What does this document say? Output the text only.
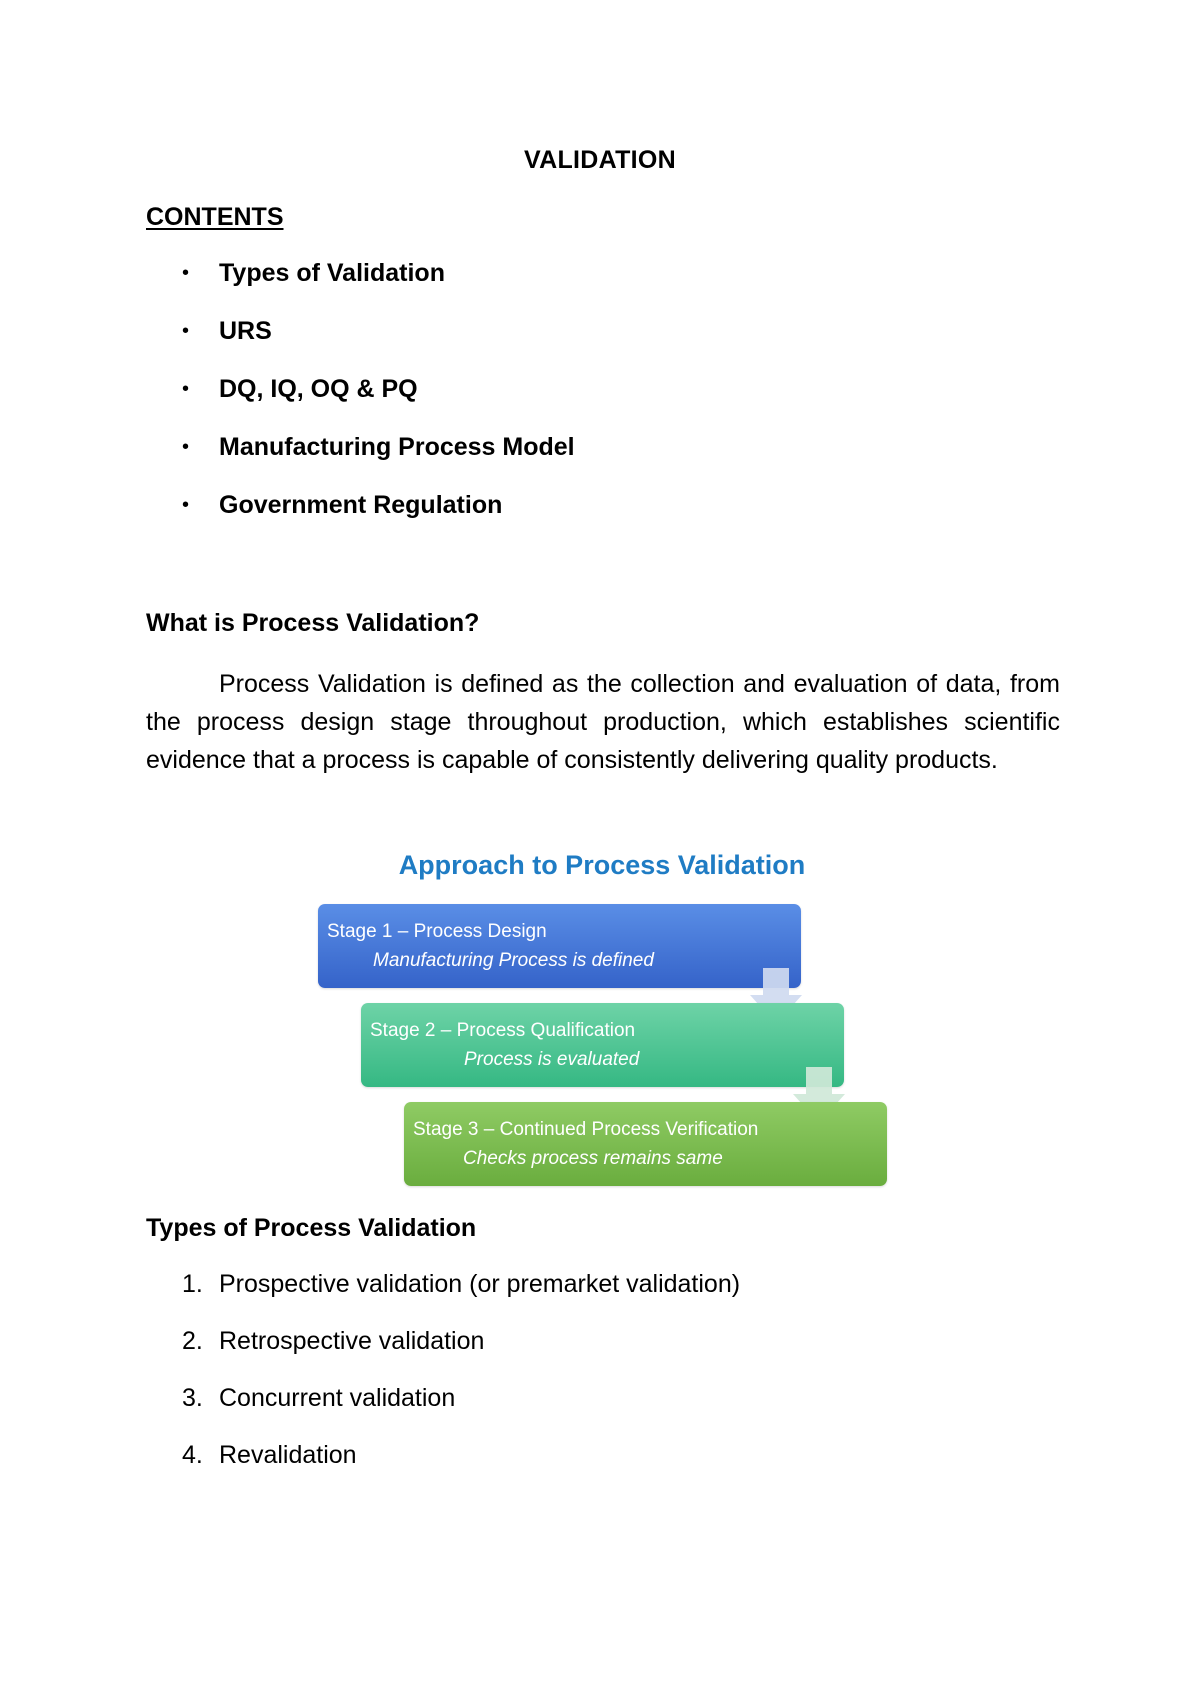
VALIDATION
CONTENTS
•	Types of Validation
•	URS
•	DQ, IQ, OQ & PQ
•	Manufacturing Process Model
•	Government Regulation
What is Process Validation?

Process Validation is defined as the collection and evaluation of data, from the process design stage throughout production, which establishes scientific evidence that a process is capable of consistently delivering quality products.

Approach to Process Validation
Stage 1 – Process Design
Manufacturing Process is defined
Stage 2 – Process Qualification
Process is evaluated
Stage 3 – Continued Process Verification
Checks process remains same
Types of Process Validation
1. Prospective validation (or premarket validation)
2. Retrospective validation
3. Concurrent validation
4. Revalidation
